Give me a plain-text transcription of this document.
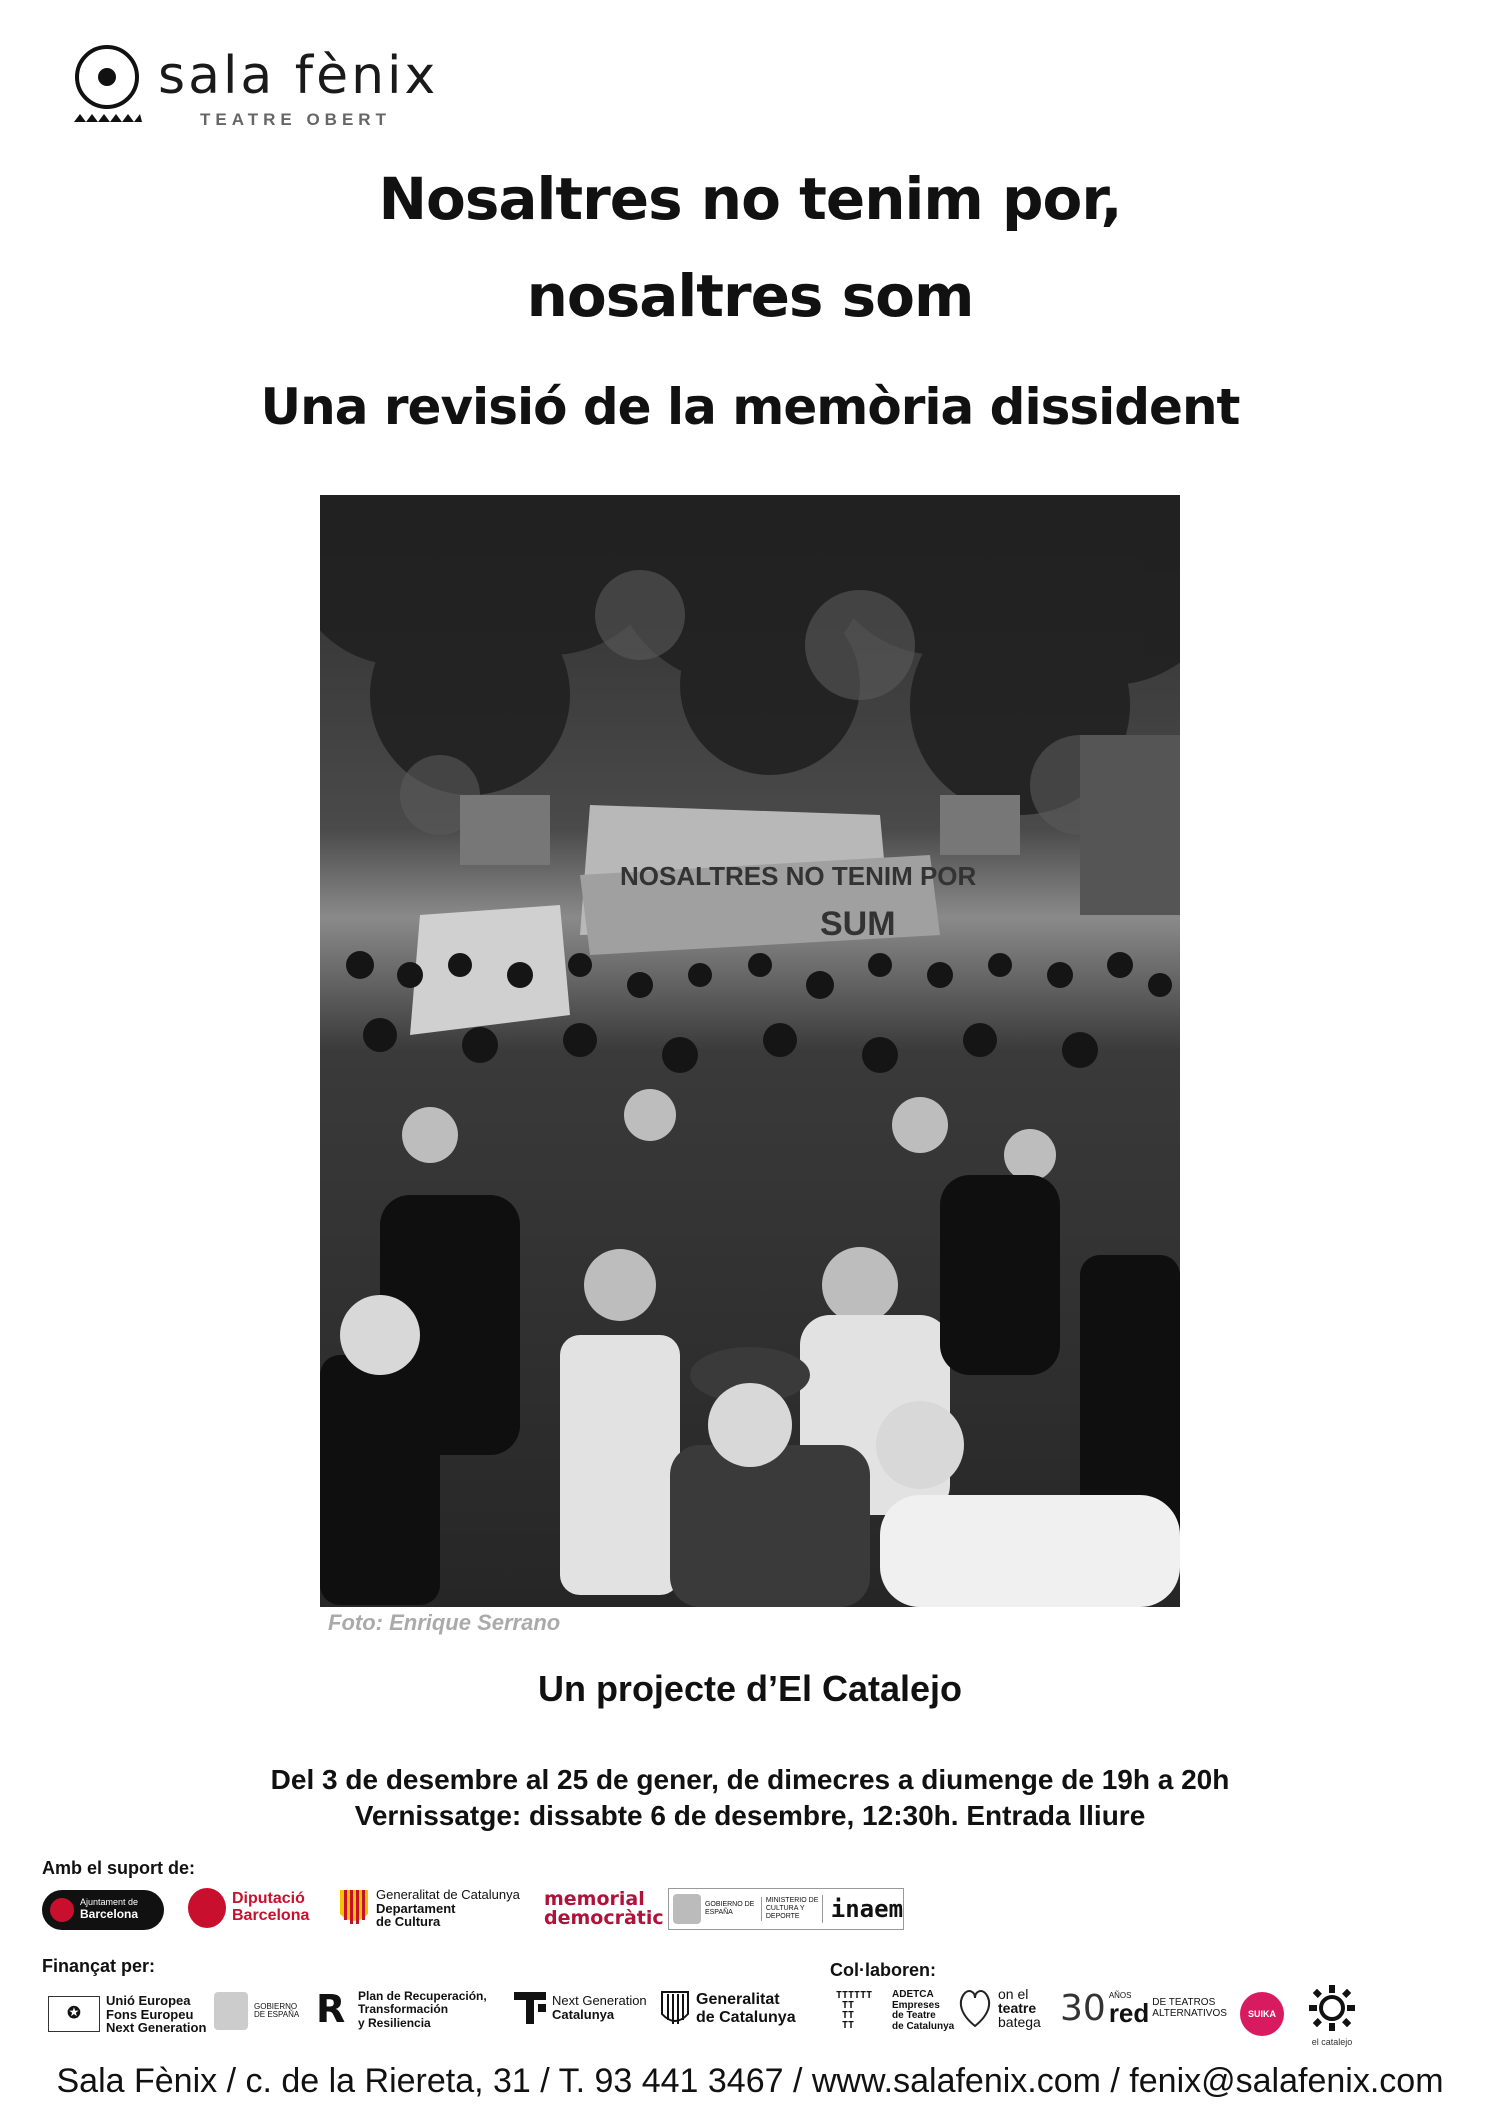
sala fènix
TEATRE OBERT
Nosaltres no tenim por,
nosaltres som
Una revisió de la memòria dissident
NOSALTRES NO TENIM POR
SUM
Foto: Enrique Serrano
Un projecte d’El Catalejo
Del 3 de desembre al 25 de gener, de dimecres a diumenge de 19h a 20h
Vernissatge: dissabte 6 de desembre, 12:30h. Entrada lliure
Amb el suport de:
Ajuntament de
Barcelona
Diputació
Barcelona
Generalitat de Catalunya
Departament
de Cultura
memorial
democràtic
GOBIERNO DE ESPAÑA
MINISTERIO DE CULTURA Y DEPORTE	inaem
Finançat per:
✪
Unió Europea
Fons Europeu
Next Generation
GOBIERNO DE ESPAÑA R	Plan de Recuperación,
Transformación
y Resiliencia
Next Generation
Catalunya
Generalitat
de Catalunya
Col·laboren:
TTTTTT
TT
TT
TT
ADETCA
Empreses
de Teatre
de Catalunya
on el
teatre
batega 30 AÑOS
red DE TEATROS
ALTERNATIVOS SUIKA
el catalejo
Sala Fènix / c. de la Riereta, 31 / T. 93 441 3467 / www.salafenix.com / fenix@salafenix.com
